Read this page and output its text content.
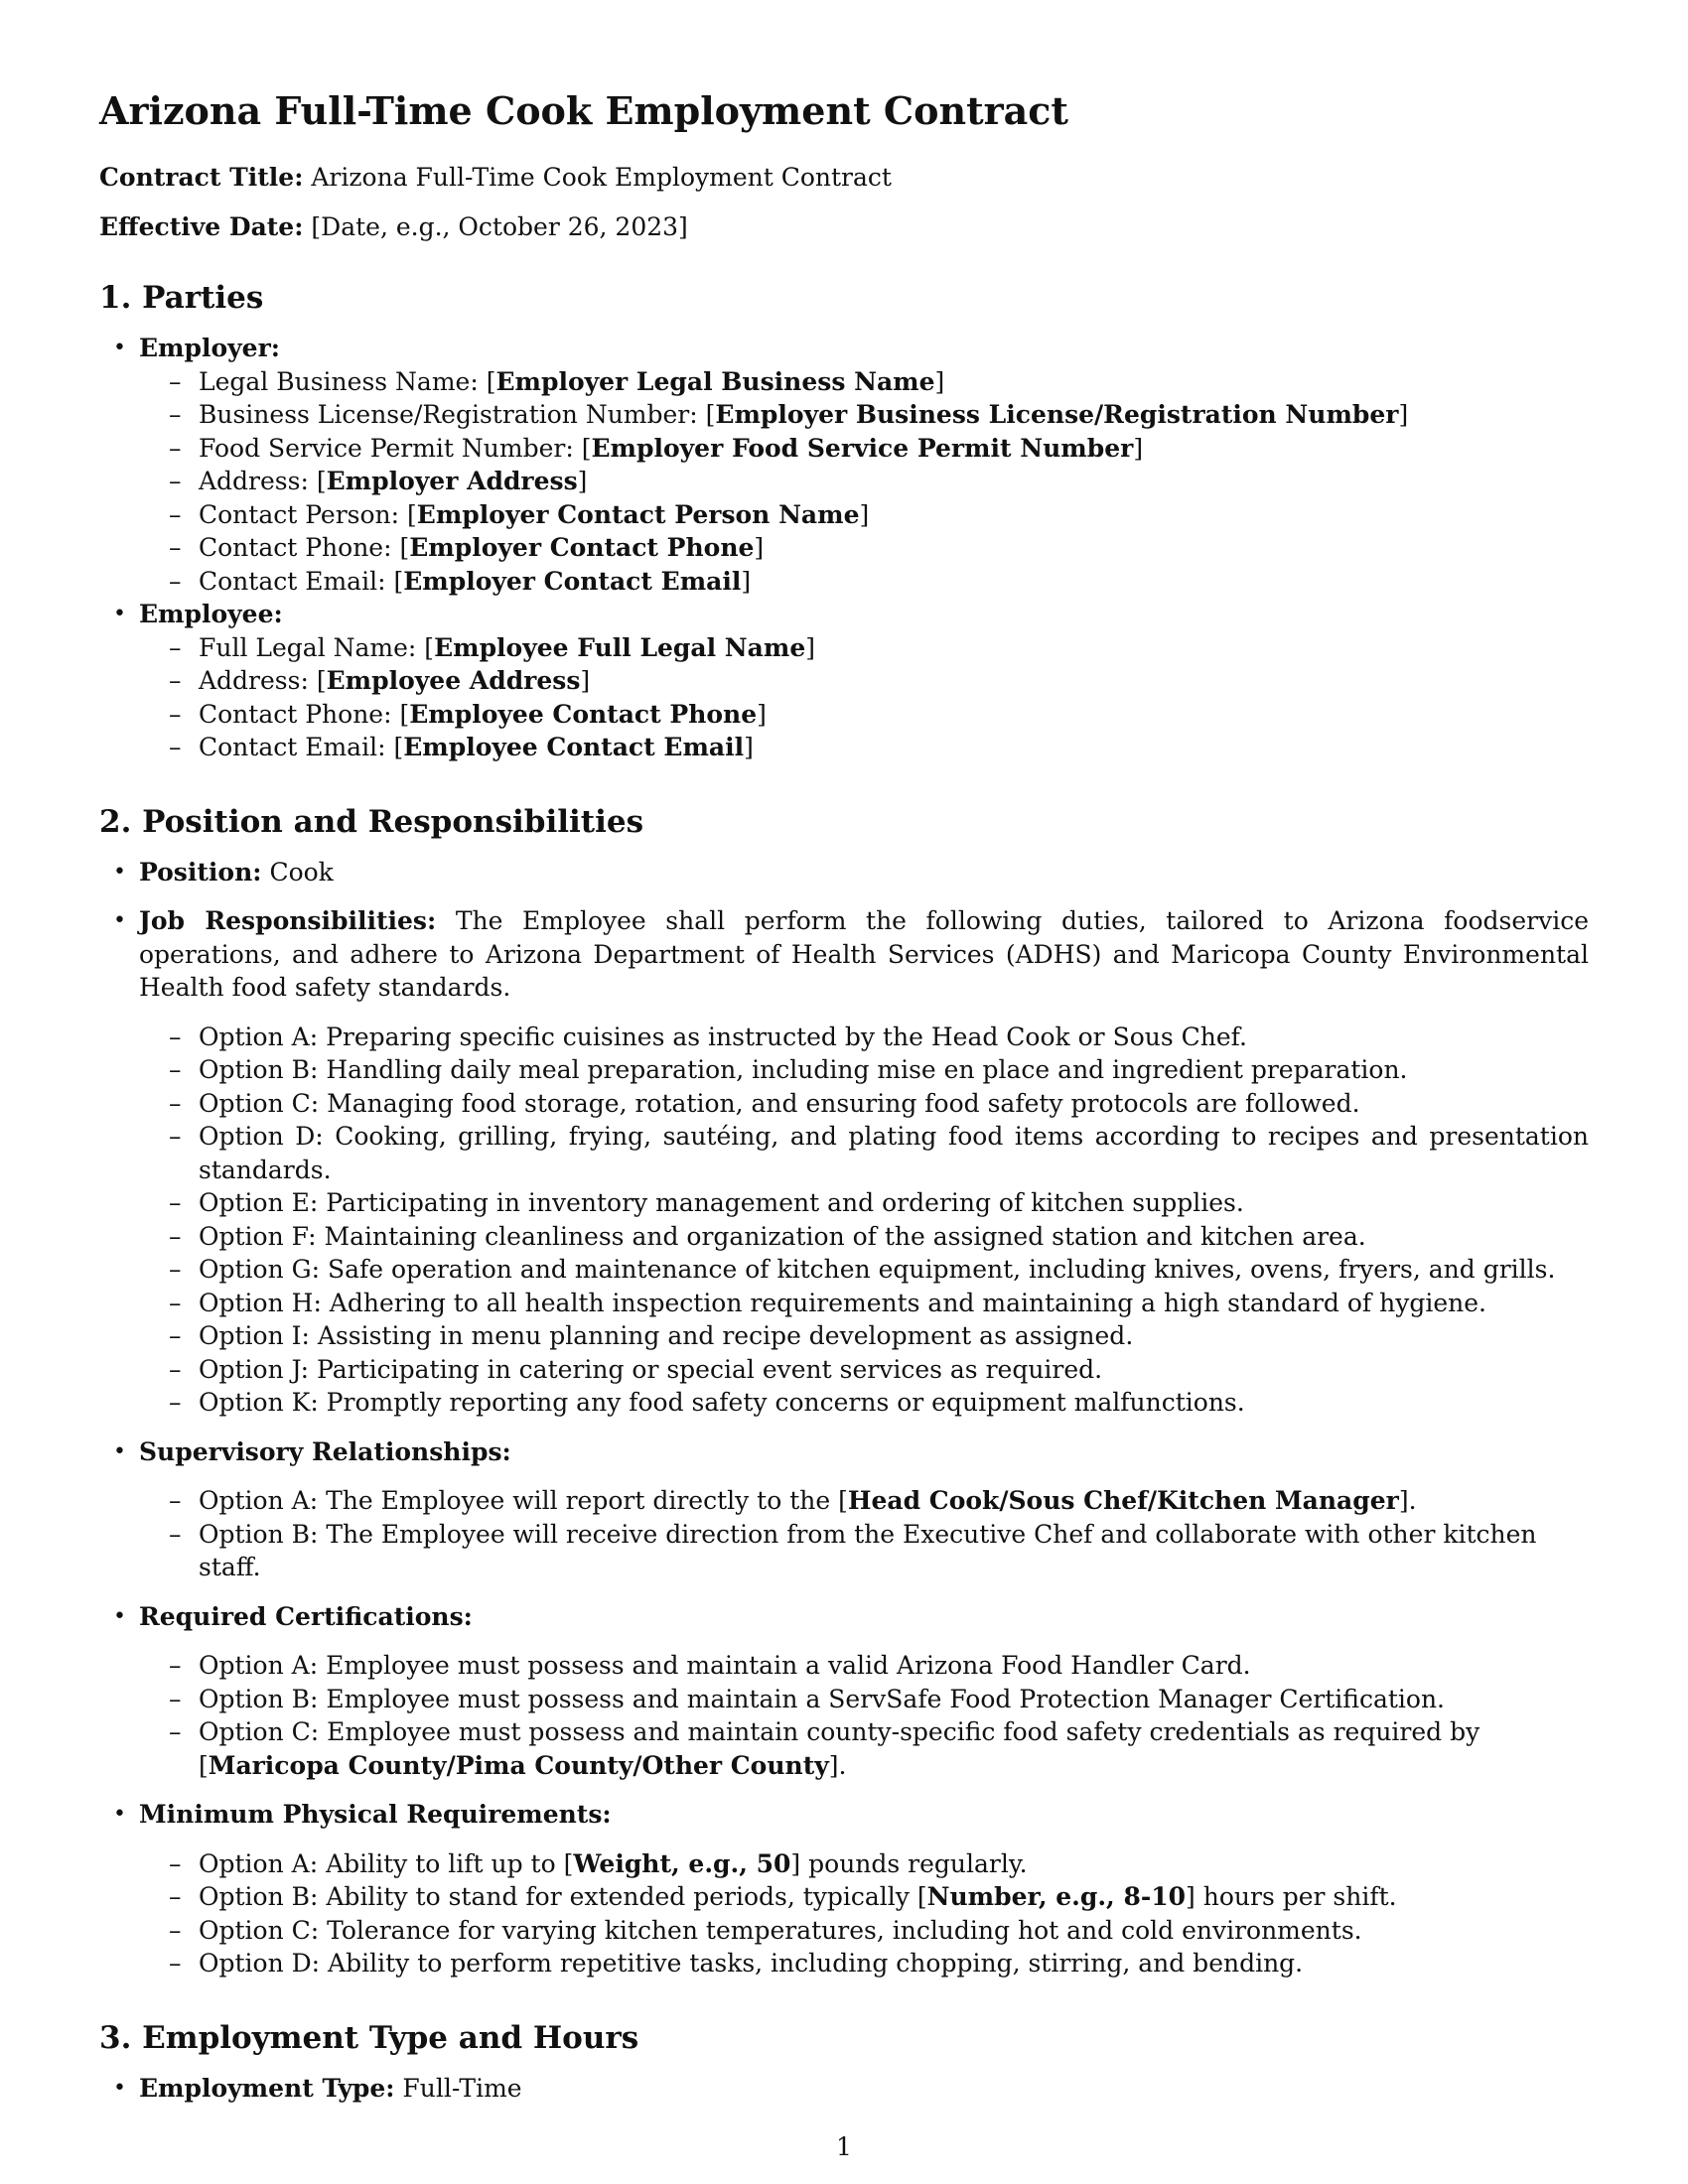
Arizona Full-Time Cook Employment Contract

Contract Title: Arizona Full-Time Cook Employment Contract

Effective Date: [Date, e.g., October 26, 2023]

1. Parties
• Employer:
– Legal Business Name: [Employer Legal Business Name]
– Business License/Registration Number: [Employer Business License/Registration Number]
– Food Service Permit Number: [Employer Food Service Permit Number]
– Address: [Employer Address]
– Contact Person: [Employer Contact Person Name]
– Contact Phone: [Employer Contact Phone]
– Contact Email: [Employer Contact Email]
• Employee:
– Full Legal Name: [Employee Full Legal Name]
– Address: [Employee Address]
– Contact Phone: [Employee Contact Phone]
– Contact Email: [Employee Contact Email]
2. Position and Responsibilities
• Position: Cook
• Job Responsibilities: The Employee shall perform the following duties, tailored to Arizona foodservice operations, and adhere to Arizona Department of Health Services (ADHS) and Maricopa County Environmental Health food safety standards.
– Option A: Preparing specific cuisines as instructed by the Head Cook or Sous Chef.
– Option B: Handling daily meal preparation, including mise en place and ingredient preparation.
– Option C: Managing food storage, rotation, and ensuring food safety protocols are followed.
– Option D: Cooking, grilling, frying, sautéing, and plating food items according to recipes and presentation standards.
– Option E: Participating in inventory management and ordering of kitchen supplies.
– Option F: Maintaining cleanliness and organization of the assigned station and kitchen area.
– Option G: Safe operation and maintenance of kitchen equipment, including knives, ovens, fryers, and grills.
– Option H: Adhering to all health inspection requirements and maintaining a high standard of hygiene.
– Option I: Assisting in menu planning and recipe development as assigned.
– Option J: Participating in catering or special event services as required.
– Option K: Promptly reporting any food safety concerns or equipment malfunctions.
• Supervisory Relationships:
– Option A: The Employee will report directly to the [Head Cook/Sous Chef/Kitchen Manager].
– Option B: The Employee will receive direction from the Executive Chef and collaborate with other kitchen staff.
• Required Certifications:
– Option A: Employee must possess and maintain a valid Arizona Food Handler Card.
– Option B: Employee must possess and maintain a ServSafe Food Protection Manager Certification.
– Option C: Employee must possess and maintain county-specific food safety credentials as required by [Maricopa County/Pima County/Other County].
• Minimum Physical Requirements:
– Option A: Ability to lift up to [Weight, e.g., 50] pounds regularly.
– Option B: Ability to stand for extended periods, typically [Number, e.g., 8-10] hours per shift.
– Option C: Tolerance for varying kitchen temperatures, including hot and cold environments.
– Option D: Ability to perform repetitive tasks, including chopping, stirring, and bending.
3. Employment Type and Hours
• Employment Type: Full-Time
1
